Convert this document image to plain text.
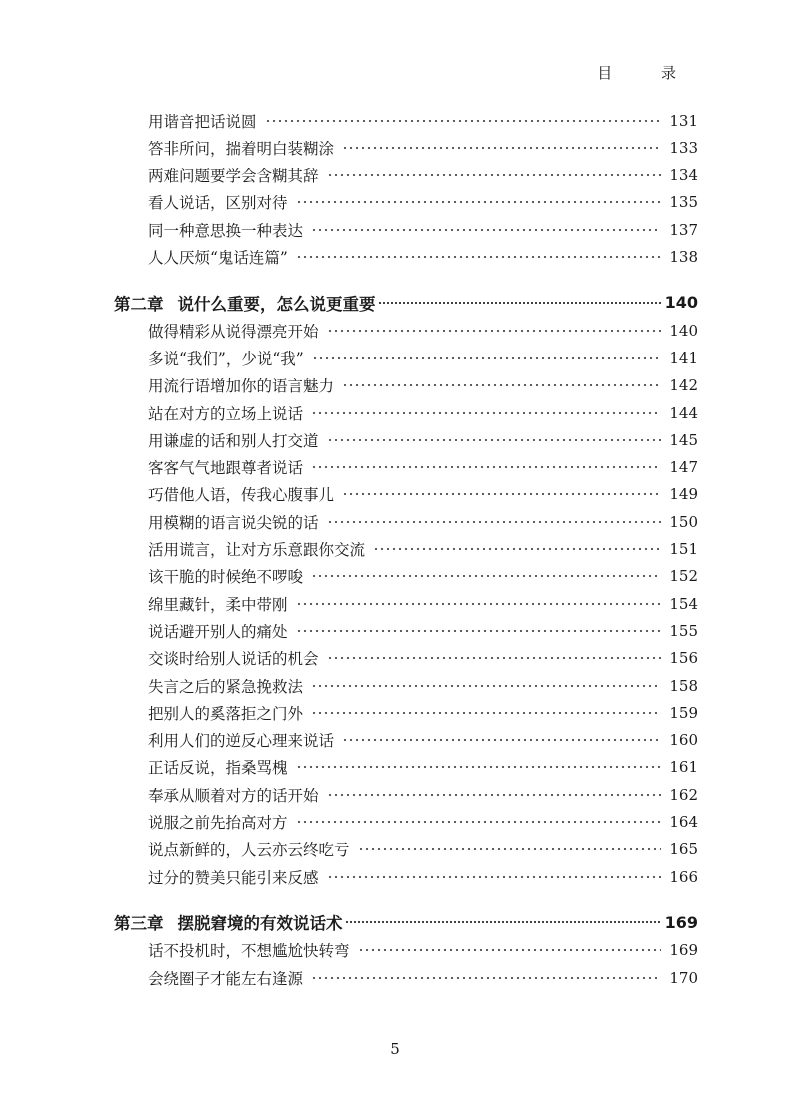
目 录
用谐音把话说圆	131
答非所问，揣着明白装糊涂	133
两难问题要学会含糊其辞	134
看人说话，区别对待	135
同一种意思换一种表达	137
人人厌烦“鬼话连篇”	138
第二章 说什么重要，怎么说更重要	140
做得精彩从说得漂亮开始	140
多说“我们”，少说“我”	141
用流行语增加你的语言魅力	142
站在对方的立场上说话	144
用谦虚的话和别人打交道	145
客客气气地跟尊者说话	147
巧借他人语，传我心腹事儿	149
用模糊的语言说尖锐的话	150
活用谎言，让对方乐意跟你交流	151
该干脆的时候绝不啰唆	152
绵里藏针，柔中带刚	154
说话避开别人的痛处	155
交谈时给别人说话的机会	156
失言之后的紧急挽救法	158
把别人的奚落拒之门外	159
利用人们的逆反心理来说话	160
正话反说，指桑骂槐	161
奉承从顺着对方的话开始	162
说服之前先抬高对方	164
说点新鲜的，人云亦云终吃亏	165
过分的赞美只能引来反感	166
第三章 摆脱窘境的有效说话术	169
话不投机时，不想尴尬快转弯	169
会绕圈子才能左右逢源	170
5
